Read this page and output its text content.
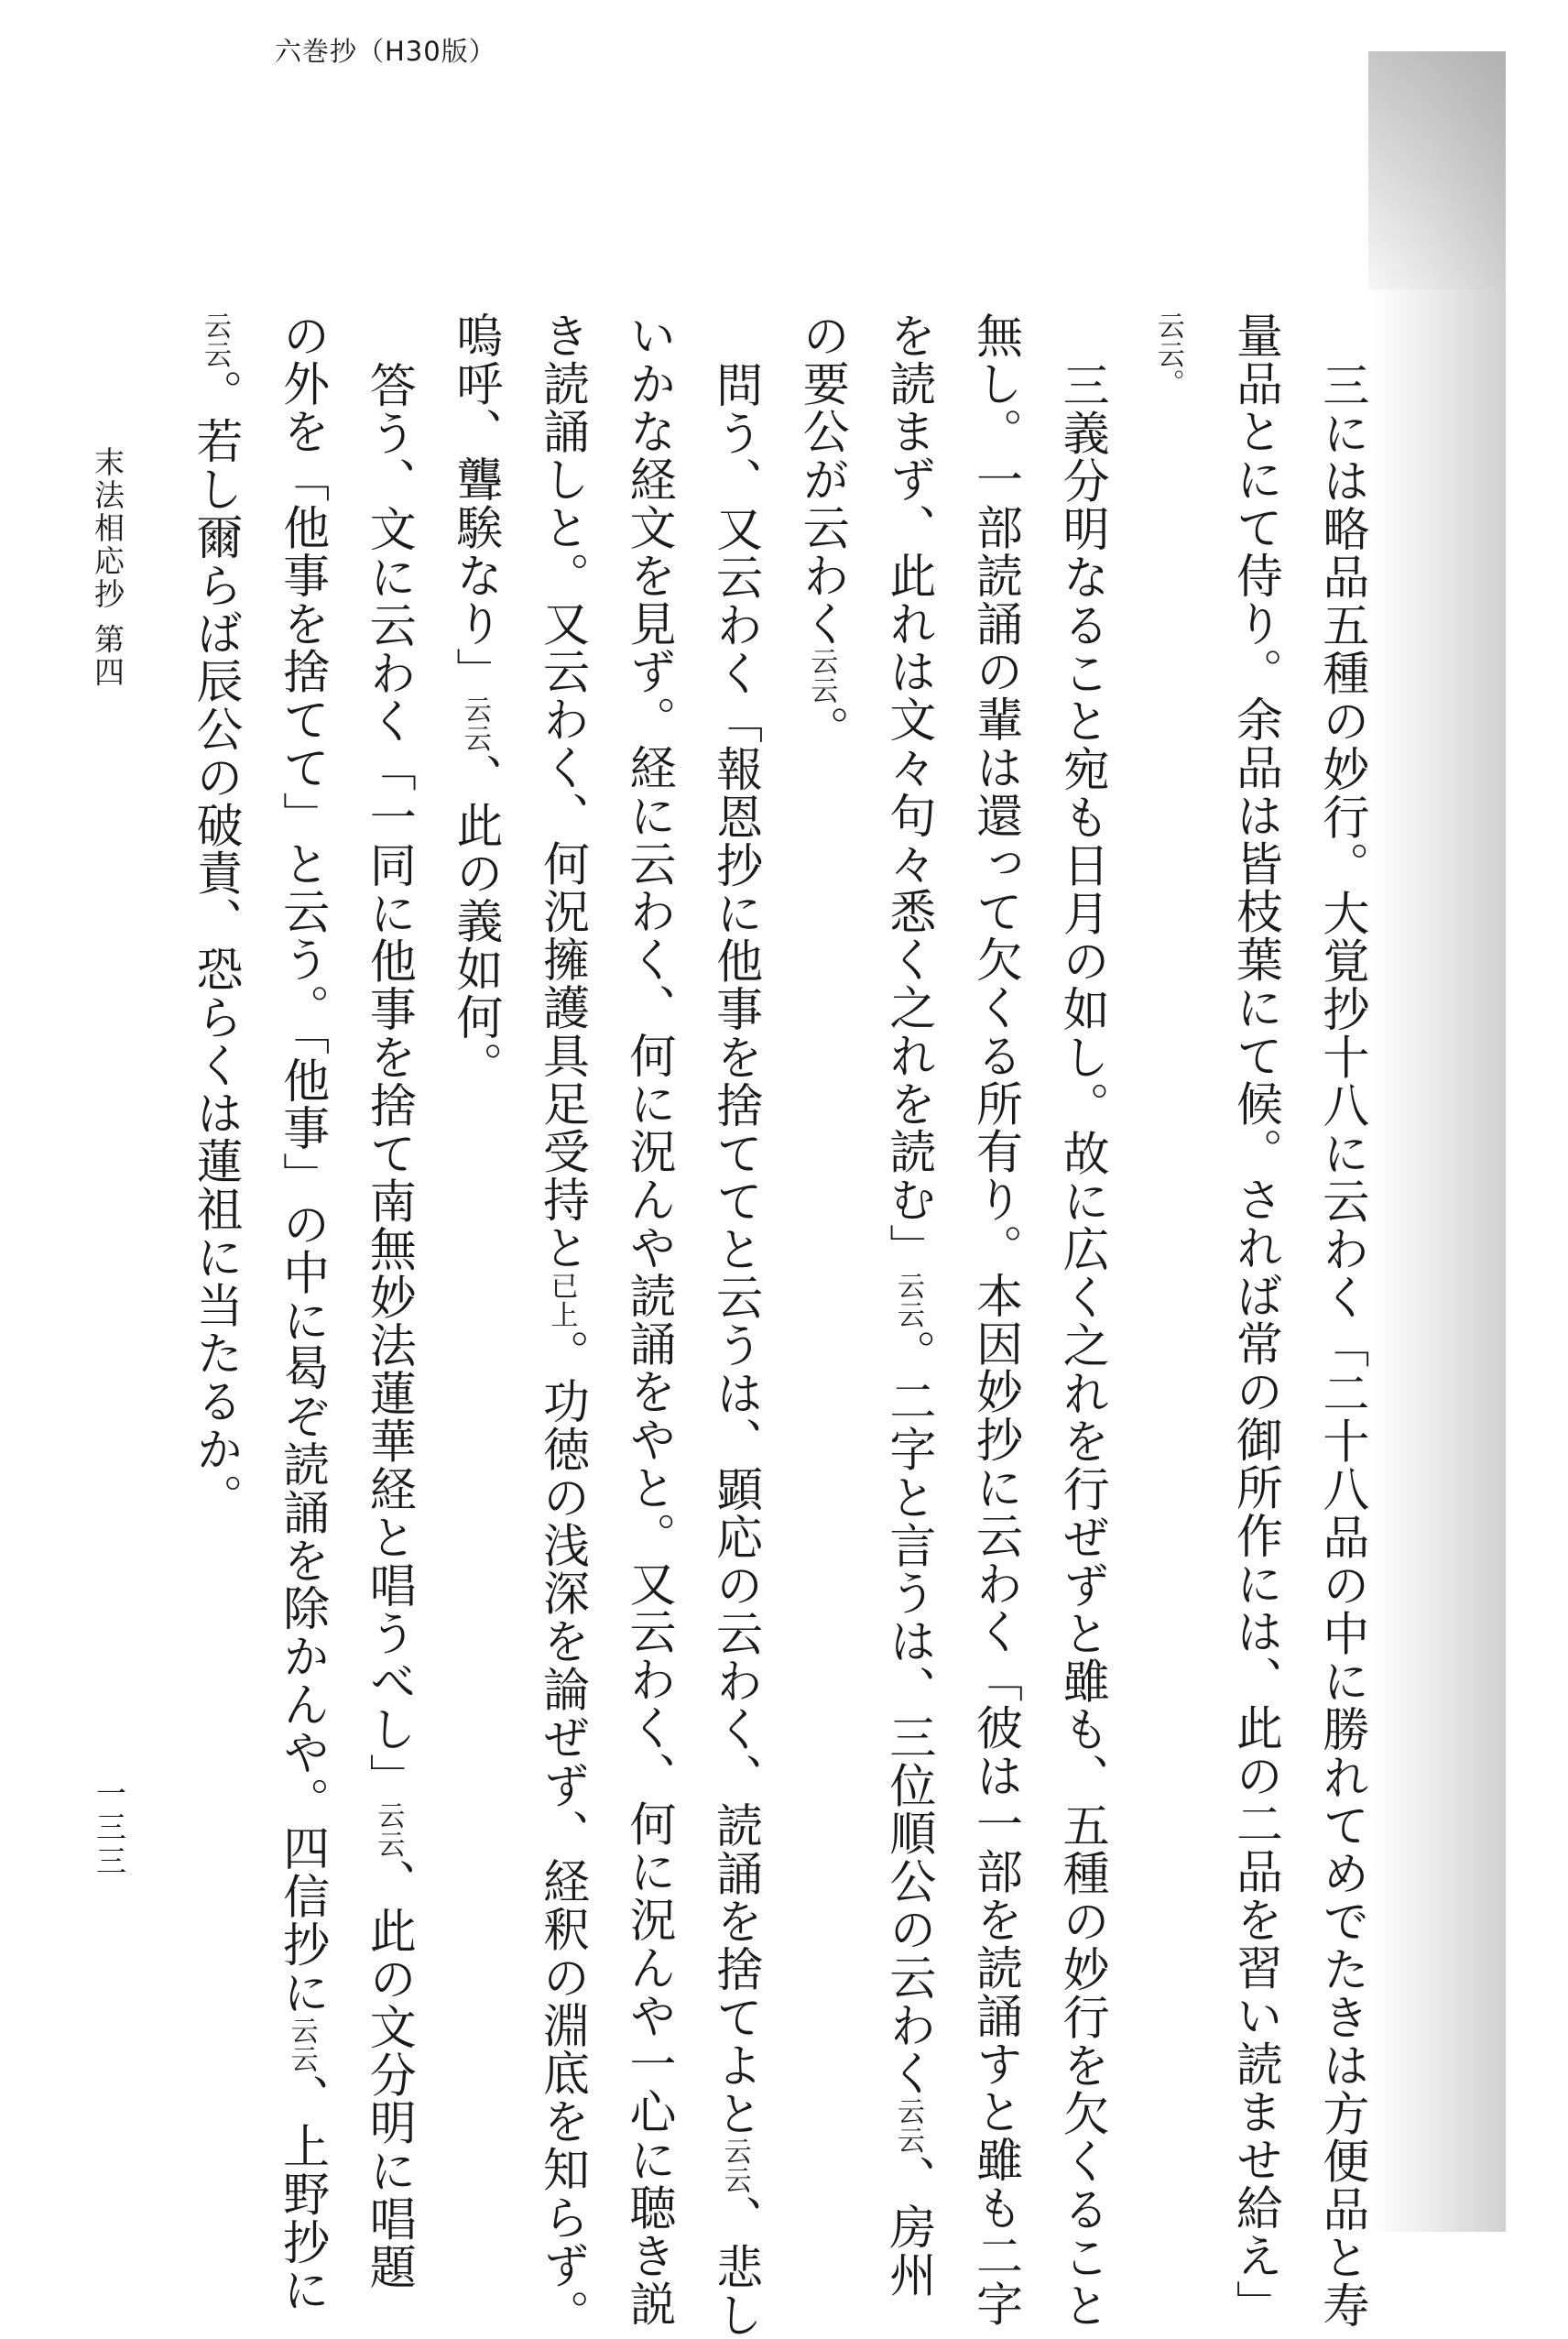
六巻抄（H30版）
三には略品五種の妙行。大覚抄十八に云わく「二十八品の中に勝れてめでたきは方便品と寿
量品とにて侍り。余品は皆枝葉にて候。されば常の御所作には、此の二品を習い読ませ給え」
云云。
三義分明なること宛も日月の如し。故に広く之れを行ぜずと雖も、五種の妙行を欠くること
無し。一部読誦の輩は還って欠くる所有り。本因妙抄に云わく「彼は一部を読誦すと雖も二字
を読まず、此れは文々句々悉く之れを読む」云云。二字と言うは、三位順公の云わく云云、房州
の要公が云わく云云。
問う、又云わく「報恩抄に他事を捨ててと云うは、顕応の云わく、読誦を捨てよと云云、悲し
いかな経文を見ず。経に云わく、何に況んや読誦をやと。又云わく、何に況んや一心に聴き説
き読誦しと。又云わく、何況擁護具足受持と已上。功徳の浅深を論ぜず、経釈の淵底を知らず。
嗚呼、聾騃なり」云云、此の義如何。
答う、文に云わく「一同に他事を捨て南無妙法蓮華経と唱うべし」云云、此の文分明に唱題
の外を「他事を捨てて」と云う。「他事」の中に曷ぞ読誦を除かんや。四信抄に云云、上野抄に
云云。若し爾らば辰公の破責、恐らくは蓮祖に当たるか。
末法相応抄 第四
一三三
